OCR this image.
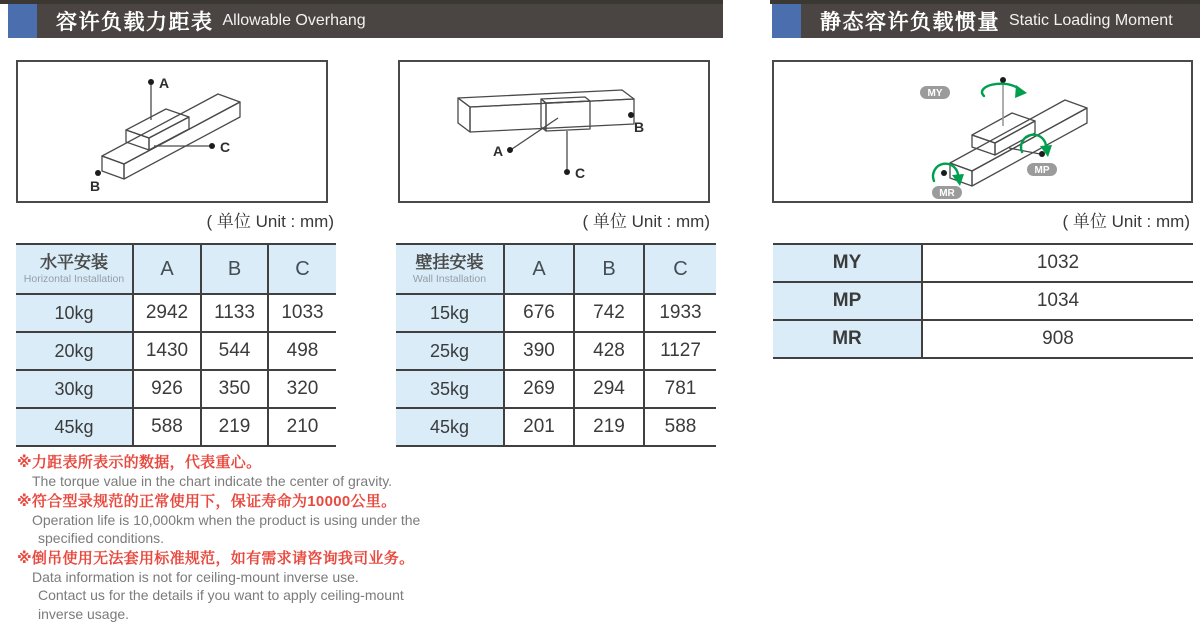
容许负载力距表 Allowable Overhang	静态容许负载惯量 Static Loading Moment
A
C
B
A
B
C
MY
MP
MR
( 单位 Unit : mm)	( 单位 Unit : mm)	( 单位 Unit : mm)
水平安装
Horizontal Installation	A	B	C
10kg	2942	1133	1033
20kg	1430	544	498
30kg	926	350	320
45kg	588	219	210
壁挂安装
Wall Installation	A	B	C
15kg	676	742	1933
25kg	390	428	1127
35kg	269	294	781
45kg	201	219	588
MY	1032
MP	1034
MR	908
※力距表所表示的数据，代表重心。
The torque value in the chart indicate the center of gravity.
※符合型录规范的正常使用下，保证寿命为10000公里。
Operation life is 10,000km when the product is using under the
specified conditions.
※倒吊使用无法套用标准规范，如有需求请咨询我司业务。
Data information is not for ceiling-mount inverse use.
Contact us for the details if you want to apply ceiling-mount
inverse usage.
